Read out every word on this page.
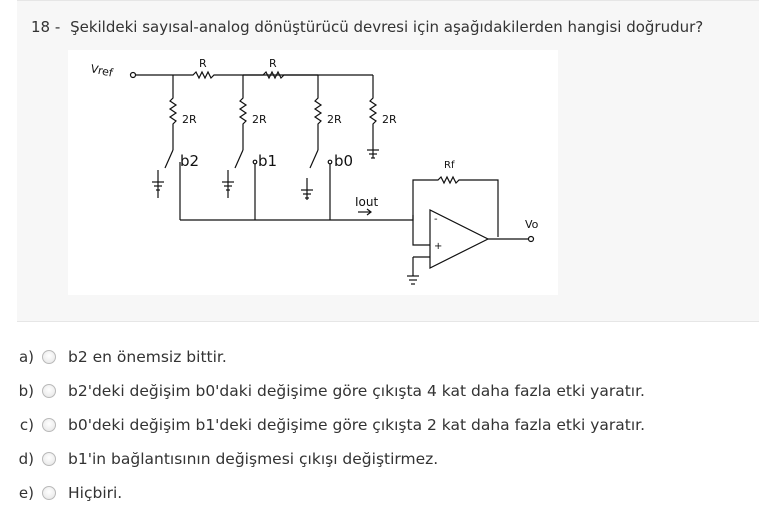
18 - Şekildeki sayısal-analog dönüştürücü devresi için aşağıdakilerden hangisi doğrudur?
Vref	R	R
2R	2R	2R	2R
b2	b1	b0	Rf
Iout
-
+
Vo
a) b2 en önemsiz bittir.
b) b2'deki değişim b0'daki değişime göre çıkışta 4 kat daha fazla etki yaratır.
c) b0'deki değişim b1'deki değişime göre çıkışta 2 kat daha fazla etki yaratır.
d) b1'in bağlantısının değişmesi çıkışı değiştirmez.
e) Hiçbiri.
